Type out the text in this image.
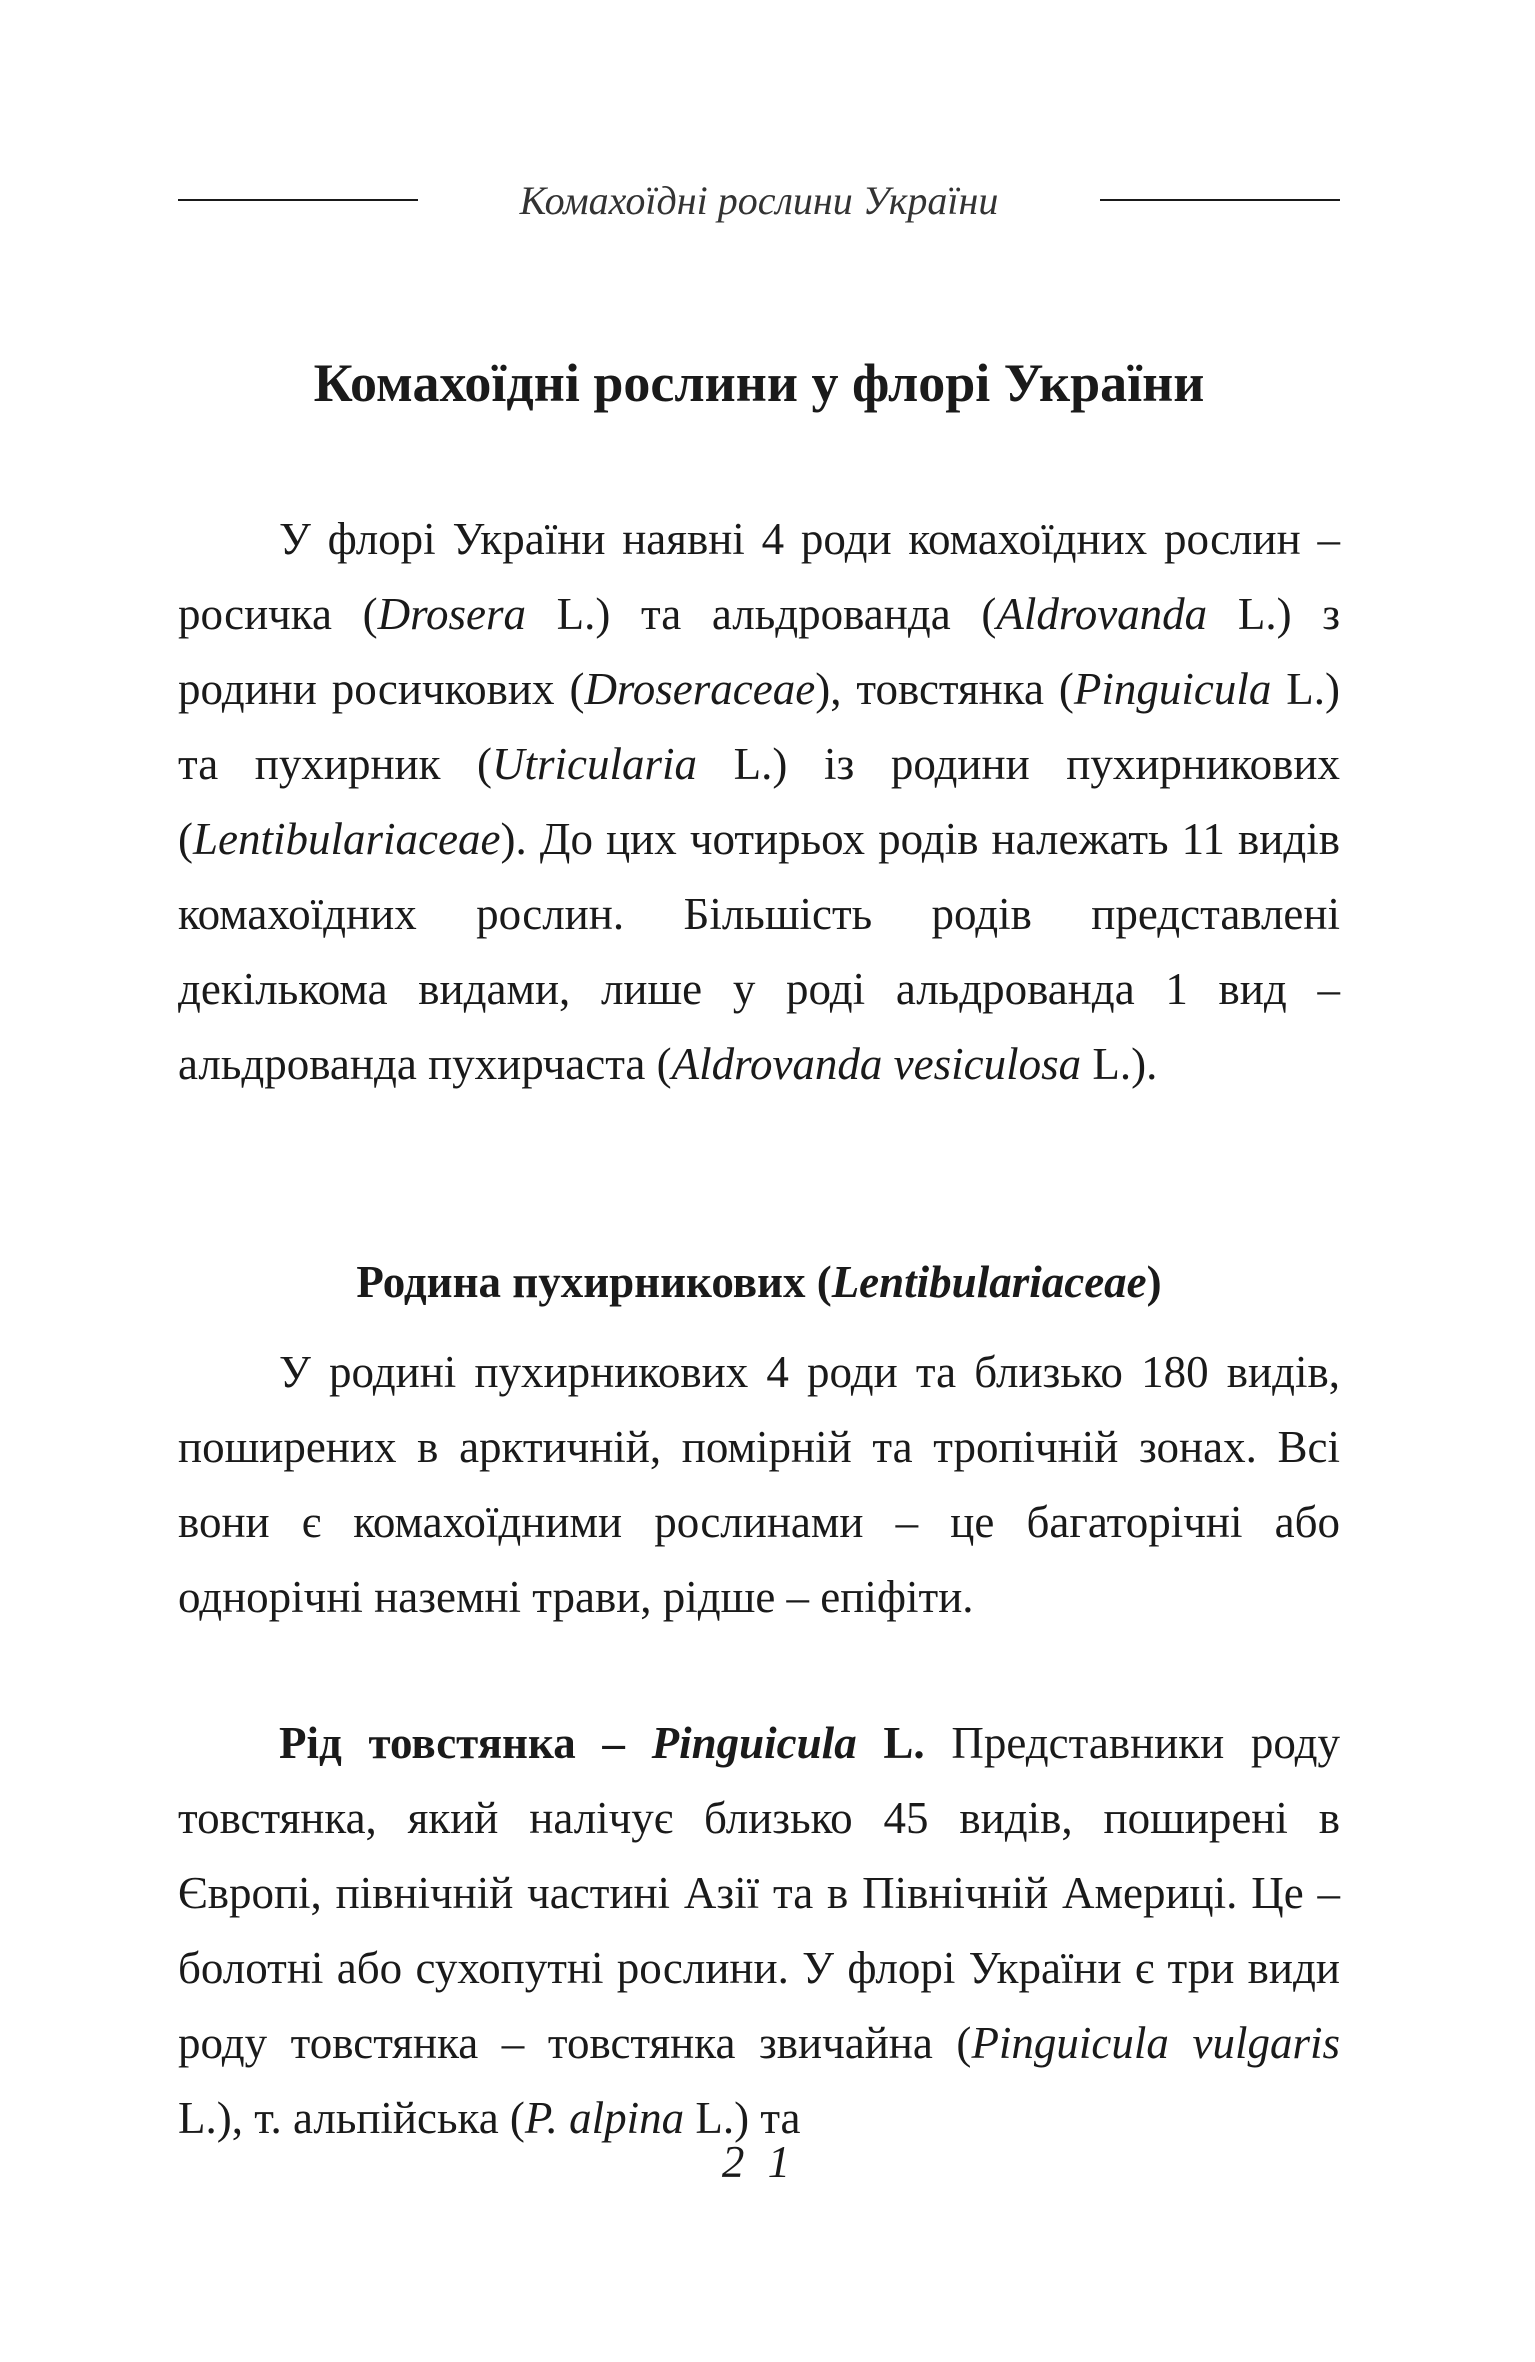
Комахоїдні рослини України
Комахоїдні рослини у флорі України

У флорі України наявні 4 роди комахоїдних рослин – росичка (Drosera L.) та альдрованда (Aldrovanda L.) з родини росичкових (Droseraceae), товстянка (Pinguicula L.) та пухирник (Utricularia L.) із родини пухирникових (Lentibulariaceae). До цих чотирьох родів належать 11 видів комахоїдних рослин. Більшість родів представлені декількома видами, лише у роді альдрованда 1 вид – альдрованда пухирчаста (Aldrovanda vesiculosa L.).

Родина пухирникових (Lentibulariaceae)

У родині пухирникових 4 роди та близько 180 видів, поширених в арктичній, помірній та тропічній зонах. Всі вони є комахоїдними рослинами – це багаторічні або однорічні наземні трави, рідше – епіфіти.

Рід товстянка – Pinguicula L. Представники роду товстянка, який налічує близько 45 видів, поширені в Європі, північній частині Азії та в Північній Америці. Це – болотні або сухопутні рослини. У флорі України є три види роду товстянка – товстянка звичайна (Pinguicula vulgaris L.), т. альпійська (P. alpina L.) та

2 1
